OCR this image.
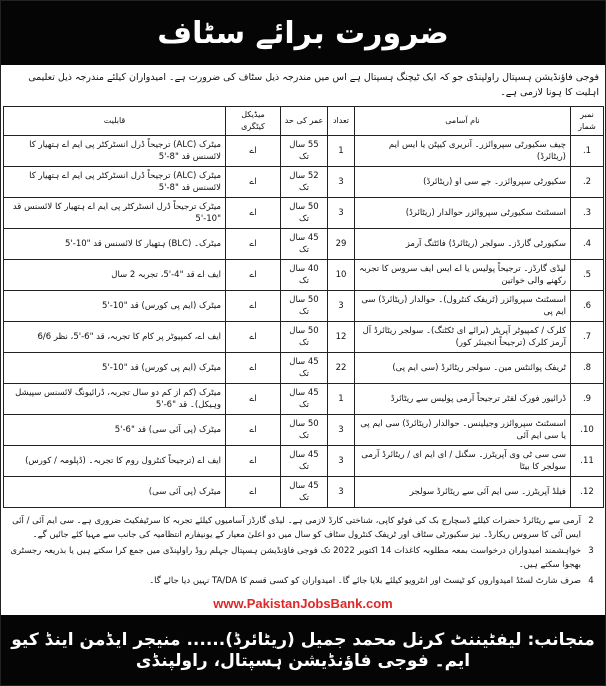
ضرورت برائے سٹاف
فوجی فاؤنڈیشن ہسپتال راولپنڈی جو کہ ایک ٹیچنگ ہسپتال ہے اس میں مندرجہ ذیل سٹاف کی ضرورت ہے۔ امیدواران کیلئے مندرجہ ذیل تعلیمی اہلیت کا ہونا لازمی ہے۔
نمبر شمار	نام آسامی	تعداد	عمر کی حد	میڈیکل کیٹگری	قابلیت
1.	چیف سکیورٹی سپروائزر۔ آنریری کیپٹن یا ایس ایم (ریٹائرڈ)	1	55 سال تک	اے	میٹرک (ALC) ترجیحاً ڈرل انسٹرکٹر پی ایم اے ہتھیار کا لائسنس قد "8-'5
2.	سکیورٹی سپروائزر۔ جے سی او (ریٹائرڈ)	3	52 سال تک	اے	میٹرک (ALC) ترجیحاً ڈرل انسٹرکٹر پی ایم اے ہتھیار کا لائسنس قد "8-'5
3.	اسسٹنٹ سکیورٹی سپروائزر حوالدار (ریٹائرڈ)	3	50 سال تک	اے	میٹرک ترجیحاً ڈرل انسٹرکٹر پی ایم اے ہتھیار کا لائسنس قد "10-'5
4.	سکیورٹی گارڈز۔ سولجر (ریٹائرڈ) فائٹنگ آرمز	29	45 سال تک	اے	میٹرک۔ (BLC) ہتھیار کا لائسنس قد "10-'5
5.	لیڈی گارڈز۔ ترجیحاً پولیس یا اے ایس ایف سروس کا تجربہ رکھنے والی خواتین	10	40 سال تک	اے	ایف اے قد "4-'5، تجربہ 2 سال
6.	اسسٹنٹ سپروائزر (ٹریفک کنٹرول)۔ حوالدار (ریٹائرڈ) سی ایم پی	3	50 سال تک	اے	میٹرک (ایم پی کورس) قد "10-'5
7.	کلرک / کمپیوٹر آپریٹر (برائے ای ٹکٹنگ)۔ سولجر ریٹائرڈ آل آرمز کلرک (ترجیحاً انجینئر کور)	12	50 سال تک	اے	ایف اے، کمپیوٹر پر کام کا تجربہ، قد "6-'5، نظر 6/6
8.	ٹریفک پوائنٹس مین۔ سولجر ریٹائرڈ (سی ایم پی)	22	45 سال تک	اے	میٹرک (ایم پی کورس) قد "10-'5
9.	ڈرائیور فورک لفٹر ترجیحاً آرمی پولیس سے ریٹائرڈ	1	45 سال تک	اے	میٹرک (کم از کم دو سال تجربہ، ڈرائیونگ لائسنس سپیشل وہیکل)۔ قد "6-'5
10.	اسسٹنٹ سپروائزر وجیلینس۔ حوالدار (ریٹائرڈ) سی ایم پی یا سی ایم آئی	3	50 سال تک	اے	میٹرک (پی آئی سی) قد "6-'5
11.	سی سی ٹی وی آپریٹرز۔ سگنل / ای ایم ای / ریٹائرڈ آرمی سولجر کا بیٹا	3	45 سال تک	اے	ایف اے (ترجیحاً کنٹرول روم کا تجربہ۔ (ڈپلومہ / کورس)
12.	فیلڈ آپریٹرز۔ سی ایم آئی سے ریٹائرڈ سولجر	3	45 سال تک	اے	میٹرک (پی آئی سی)
2
آرمی سے ریٹائرڈ حضرات کیلئے ڈسچارج بک کی فوٹو کاپی، شناختی کارڈ لازمی ہے۔ لیڈی گارڈز آسامیوں کیلئے تجربہ کا سرٹیفکیٹ ضروری ہے۔ سی ایم آئی / آئی ایس آئی کا سروس ریکارڈ۔ نیز سکیورٹی سٹاف اور ٹریفک کنٹرول سٹاف کو سال میں دو اعلیٰ معیار کے یونیفارم انتظامیہ کی جانب سے مہیا کئے جائیں گے۔
3
خواہشمند امیدواران درخواست بمعہ مطلوبہ کاغذات 14 اکتوبر 2022 تک فوجی فاؤنڈیشن ہسپتال جہلم روڈ راولپنڈی میں جمع کرا سکتے ہیں یا بذریعہ رجسٹری بھجوا سکتے ہیں۔
4
صرف شارٹ لسٹڈ امیدواروں کو ٹیسٹ اور انٹرویو کیلئے بلایا جائے گا۔ امیدواران کو کسی قسم کا TA/DA نہیں دیا جائے گا۔
www.PakistanJobsBank.com
منجانب: لیفٹیننٹ کرنل محمد جمیل (ریٹائرڈ)...... منیجر ایڈمن اینڈ کیو ایم۔ فوجی فاؤنڈیشن ہسپتال، راولپنڈی
